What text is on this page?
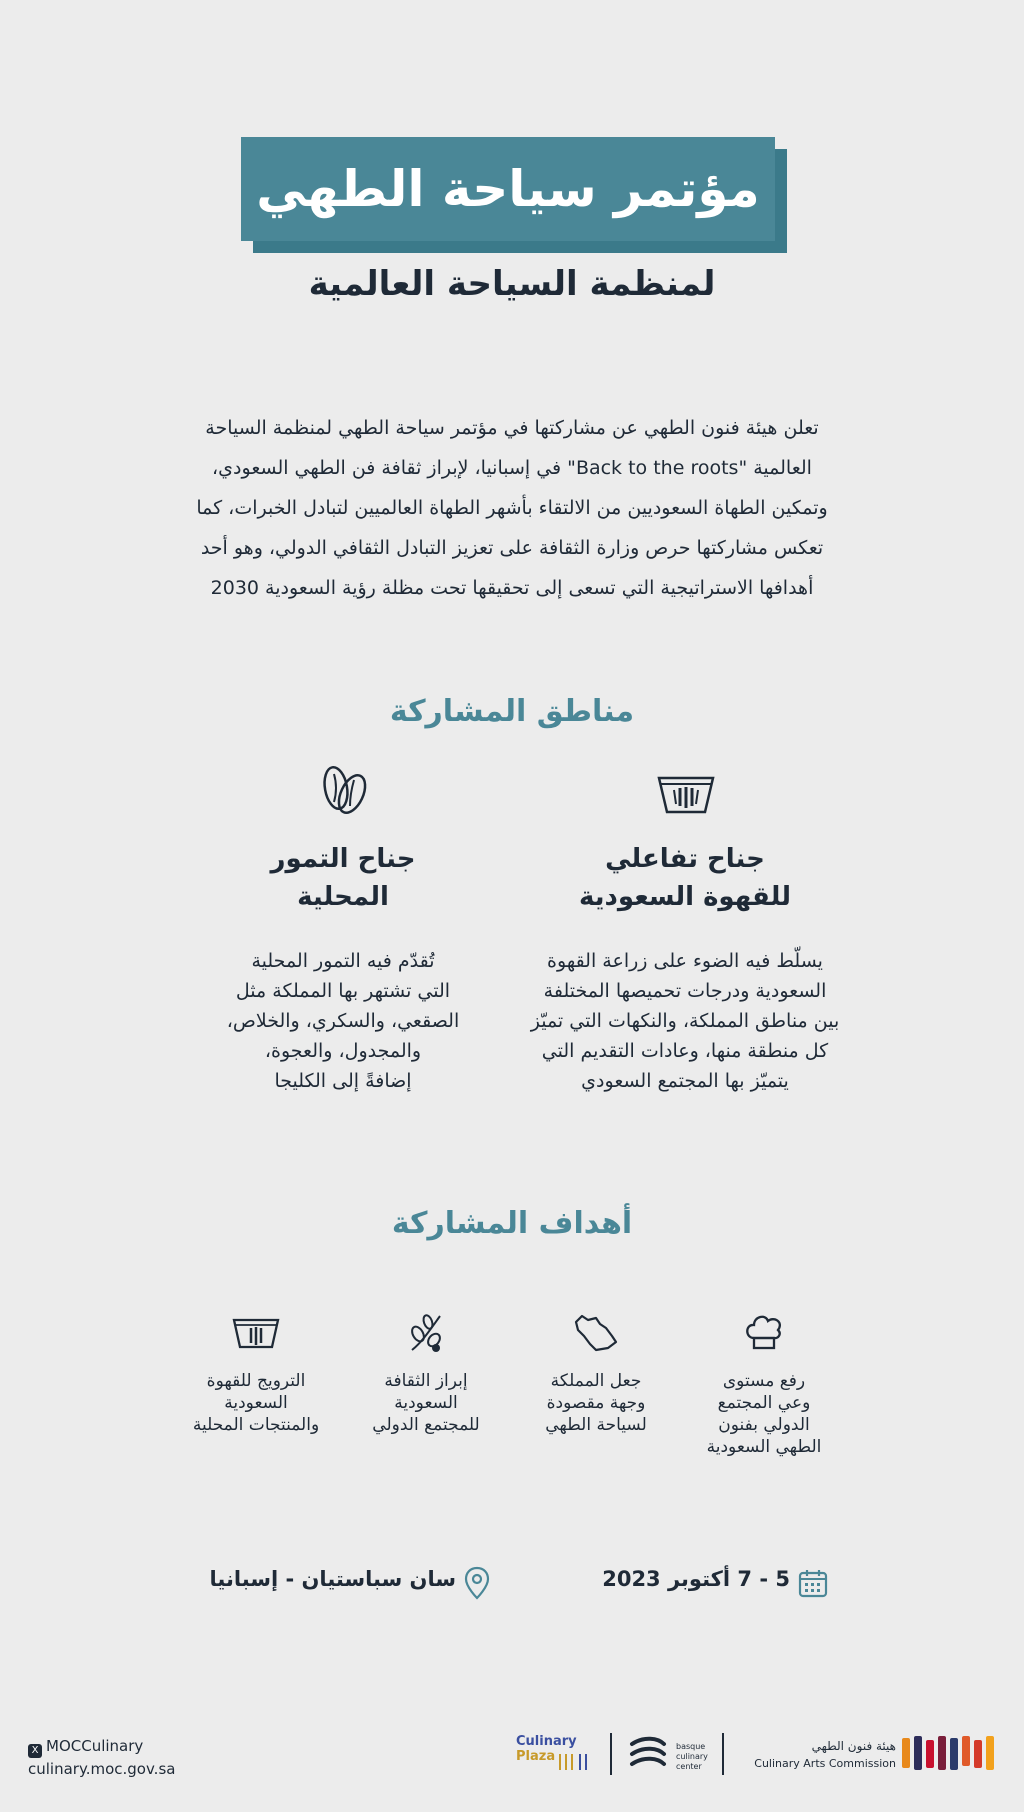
مؤتمر سياحة الطهي
لمنظمة السياحة العالمية
تعلن هيئة فنون الطهي عن مشاركتها في مؤتمر سياحة الطهي لمنظمة السياحة
العالمية "Back to the roots" في إسبانيا، لإبراز ثقافة فن الطهي السعودي،
وتمكين الطهاة السعوديين من الالتقاء بأشهر الطهاة العالميين لتبادل الخبرات، كما
تعكس مشاركتها حرص وزارة الثقافة على تعزيز التبادل الثقافي الدولي، وهو أحد
أهدافها الاستراتيجية التي تسعى إلى تحقيقها تحت مظلة رؤية السعودية 2030
مناطق المشاركة
جناح تفاعلي
للقهوة السعودية
يسلّط فيه الضوء على زراعة القهوة
السعودية ودرجات تحميصها المختلفة
بين مناطق المملكة، والنكهات التي تميّز
كل منطقة منها، وعادات التقديم التي
يتميّز بها المجتمع السعودي
جناح التمور
المحلية
تُقدّم فيه التمور المحلية
التي تشتهر بها المملكة مثل
الصقعي، والسكري، والخلاص،
والمجدول، والعجوة،
إضافةً إلى الكليجا
أهداف المشاركة
رفع مستوى
وعي المجتمع
الدولي بفنون
الطهي السعودية
جعل المملكة
وجهة مقصودة
لسياحة الطهي
إبراز الثقافة
السعودية
للمجتمع الدولي
الترويج للقهوة
السعودية
والمنتجات المحلية
5 - 7 أكتوبر 2023
سان سباستيان - إسبانيا
X MOCCulinary
culinary.moc.gov.sa
Culinary
Plaza
basque
culinary
center
هيئة فنون الطهي
Culinary Arts Commission
